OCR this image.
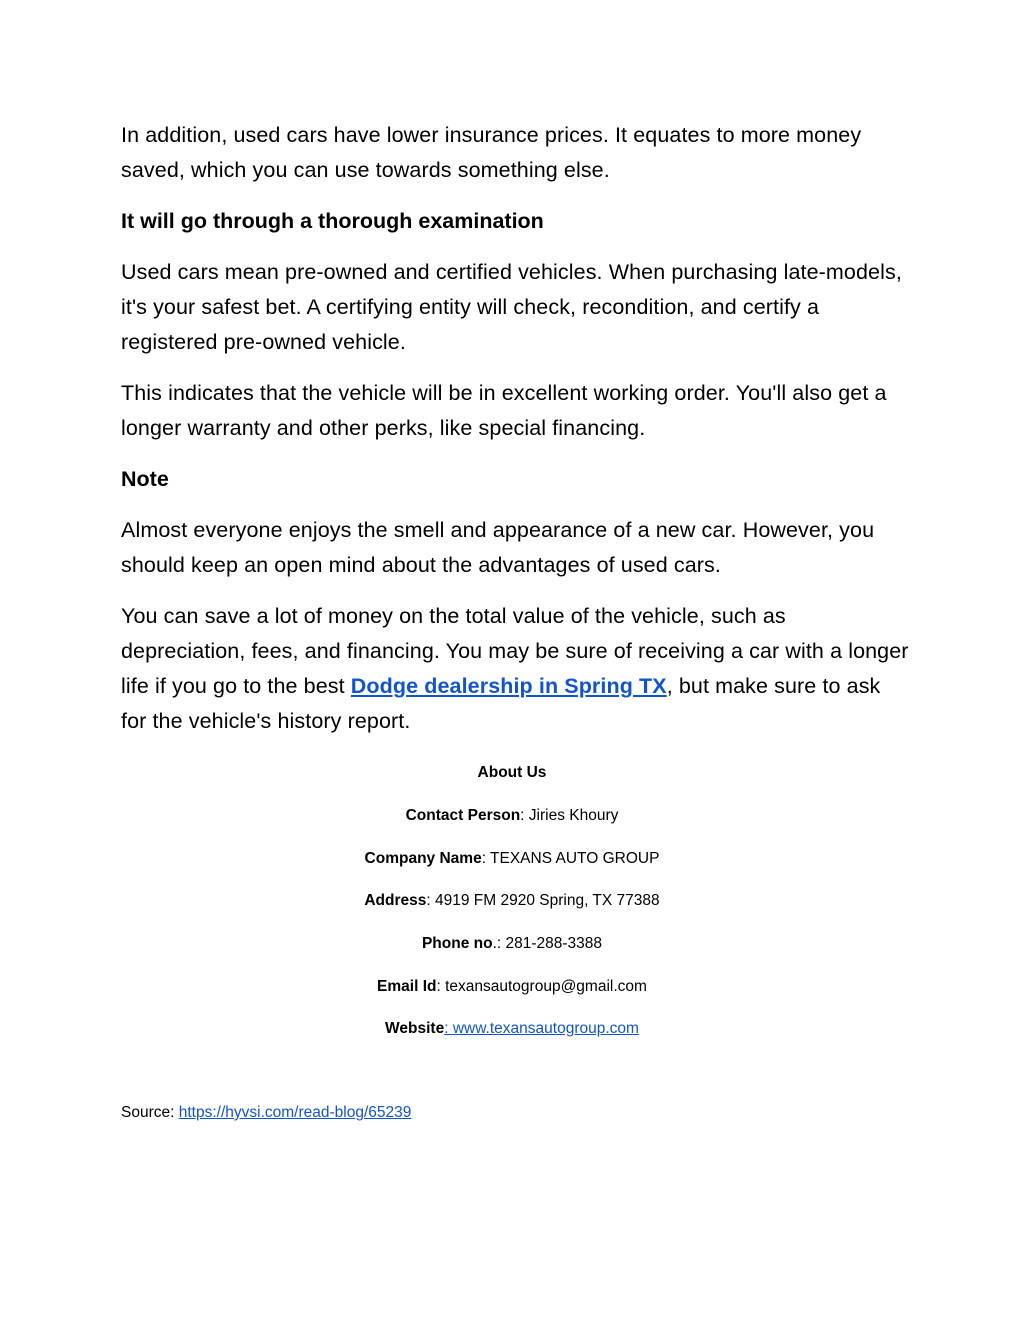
In addition, used cars have lower insurance prices. It equates to more money saved, which you can use towards something else.

It will go through a thorough examination

Used cars mean pre-owned and certified vehicles. When purchasing late-models, it's your safest bet. A certifying entity will check, recondition, and certify a registered pre-owned vehicle.

This indicates that the vehicle will be in excellent working order. You'll also get a longer warranty and other perks, like special financing.

Note

Almost everyone enjoys the smell and appearance of a new car. However, you should keep an open mind about the advantages of used cars.

You can save a lot of money on the total value of the vehicle, such as depreciation, fees, and financing. You may be sure of receiving a car with a longer life if you go to the best Dodge dealership in Spring TX, but make sure to ask for the vehicle's history report.

About Us
Contact Person: Jiries Khoury
Company Name: TEXANS AUTO GROUP
Address: 4919 FM 2920 Spring, TX 77388
Phone no.: 281-288-3388
Email Id: texansautogroup@gmail.com
Website: www.texansautogroup.com
Source: https://hyvsi.com/read-blog/65239
